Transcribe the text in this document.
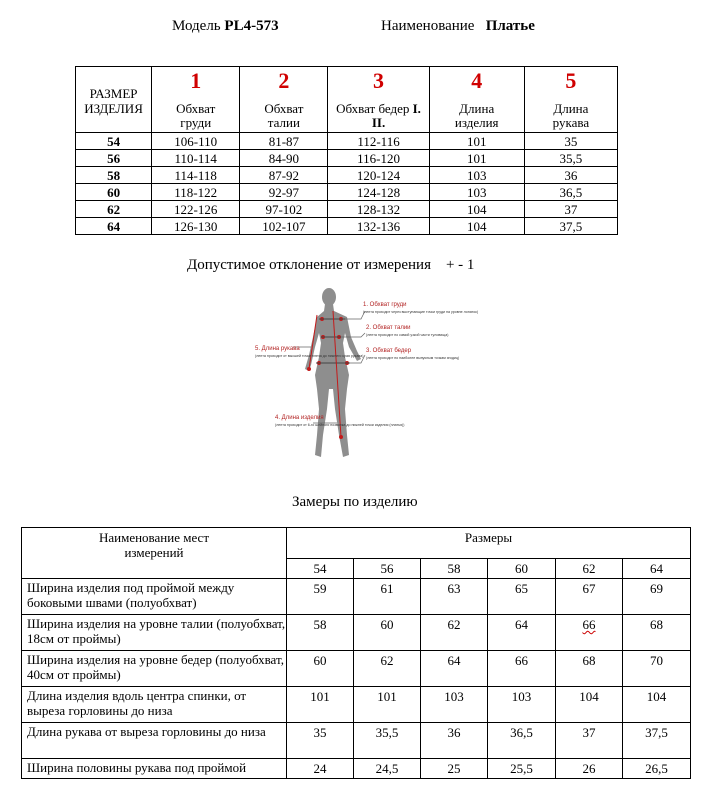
Модель PL4-573	Наименование Платье
РАЗМЕР ИЗДЕЛИЯ	1	2	3	4	5
	Обхват груди	Обхват талии	Обхват бедер I. II.	Длина изделия	Длина рукава
54	106-110	81-87	112-116	101	35
56	110-114	84-90	116-120	101	35,5
58	114-118	87-92	120-124	103	36
60	118-122	92-97	124-128	103	36,5
62	122-126	97-102	128-132	104	37
64	126-130	102-107	132-136	104	37,5
Допустимое отклонение от измерения    + - 1
1. Обхват груди
(лента проходит через выступающие точки груди на уровне лопаток)
2. Обхват талии
(лента проходит по самой узкой части туловища)
3. Обхват бедер
(лента проходит по наиболее выпуклым точкам ягодиц)
5. Длина рукава
(лента проходит от высшей точки плеча до нижнего края рукава)
4. Длина изделия
(лента проходит от 6-го шейного позвонка до нижней точки изделия (платья))
Замеры по изделию
Наименование мест измерений	Размеры					
	54	56	58	60	62	64
Ширина изделия под проймой между боковыми швами (полуобхват)	59	61	63	65	67	69
Ширина изделия на уровне талии (полуобхват, 18см от проймы)	58	60	62	64	66	68
Ширина изделия на уровне бедер (полуобхват, 40см от проймы)	60	62	64	66	68	70
Длина изделия вдоль центра спинки, от выреза горловины до низа	101	101	103	103	104	104
Длина рукава от выреза горловины до низа	35	35,5	36	36,5	37	37,5
Ширина половины рукава под проймой	24	24,5	25	25,5	26	26,5
